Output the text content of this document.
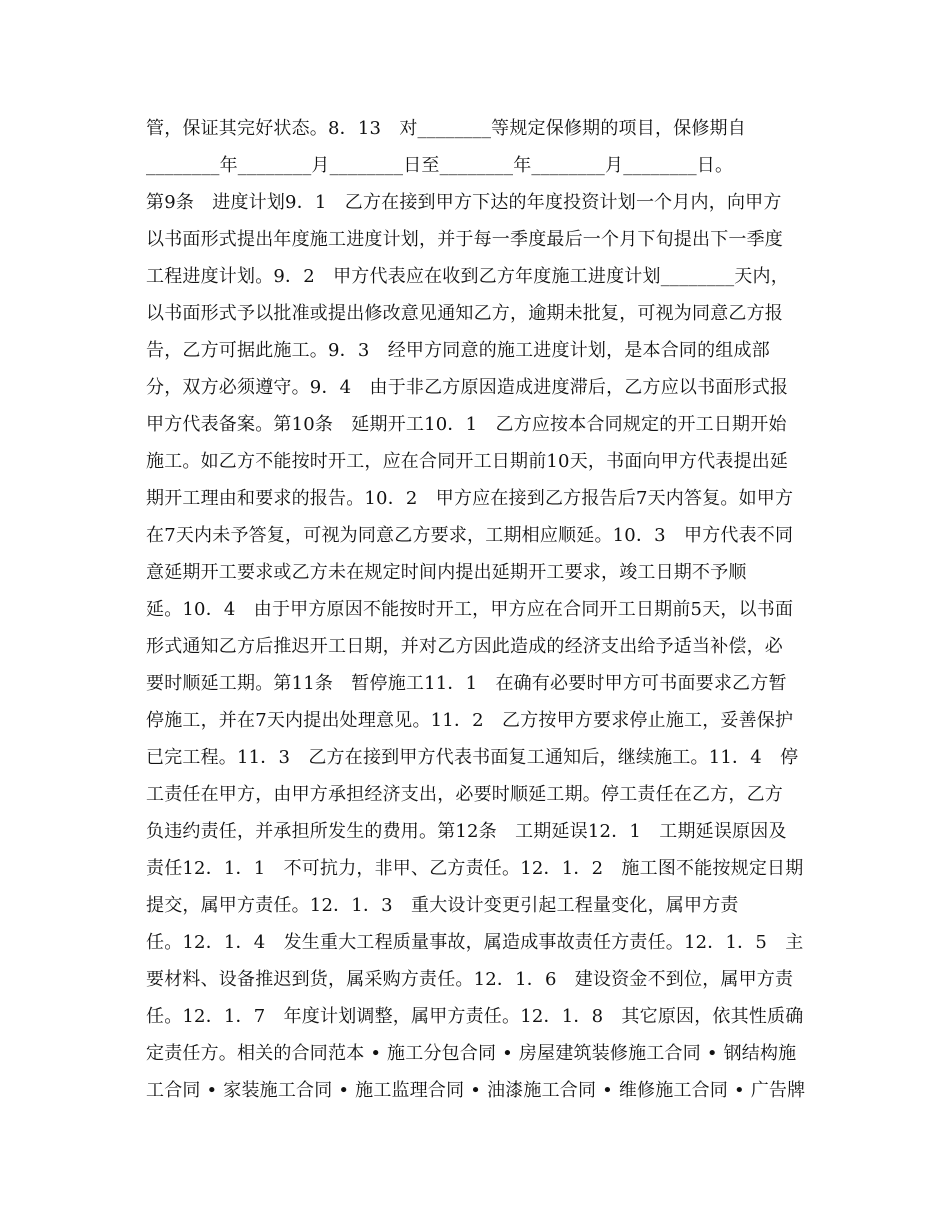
管，保证其完好状态。8．13　对________等规定保修期的项目，保修期自
________年________月________日至________年________月________日。
第9条　进度计划9．1　乙方在接到甲方下达的年度投资计划一个月内，向甲方
以书面形式提出年度施工进度计划，并于每一季度最后一个月下旬提出下一季度
工程进度计划。9．2　甲方代表应在收到乙方年度施工进度计划________天内，
以书面形式予以批准或提出修改意见通知乙方，逾期未批复，可视为同意乙方报
告，乙方可据此施工。9．3　经甲方同意的施工进度计划，是本合同的组成部
分，双方必须遵守。9．4　由于非乙方原因造成进度滞后，乙方应以书面形式报
甲方代表备案。第10条　延期开工10．1　乙方应按本合同规定的开工日期开始
施工。如乙方不能按时开工，应在合同开工日期前10天，书面向甲方代表提出延
期开工理由和要求的报告。10．2　甲方应在接到乙方报告后7天内答复。如甲方
在7天内未予答复，可视为同意乙方要求，工期相应顺延。10．3　甲方代表不同
意延期开工要求或乙方未在规定时间内提出延期开工要求，竣工日期不予顺
延。10．4　由于甲方原因不能按时开工，甲方应在合同开工日期前5天，以书面
形式通知乙方后推迟开工日期，并对乙方因此造成的经济支出给予适当补偿，必
要时顺延工期。第11条　暂停施工11．1　在确有必要时甲方可书面要求乙方暂
停施工，并在7天内提出处理意见。11．2　乙方按甲方要求停止施工，妥善保护
已完工程。11．3　乙方在接到甲方代表书面复工通知后，继续施工。11．4　停
工责任在甲方，由甲方承担经济支出，必要时顺延工期。停工责任在乙方，乙方
负违约责任，并承担所发生的费用。第12条　工期延误12．1　工期延误原因及
责任12．1．1　不可抗力，非甲、乙方责任。12．1．2　施工图不能按规定日期
提交，属甲方责任。12．1．3　重大设计变更引起工程量变化，属甲方责
任。12．1．4　发生重大工程质量事故，属造成事故责任方责任。12．1．5　主
要材料、设备推迟到货，属采购方责任。12．1．6　建设资金不到位，属甲方责
任。12．1．7　年度计划调整，属甲方责任。12．1．8　其它原因，依其性质确
定责任方。相关的合同范本 • 施工分包合同 • 房屋建筑装修施工合同 • 钢结构施
工合同 • 家装施工合同 • 施工监理合同 • 油漆施工合同 • 维修施工合同 • 广告牌
